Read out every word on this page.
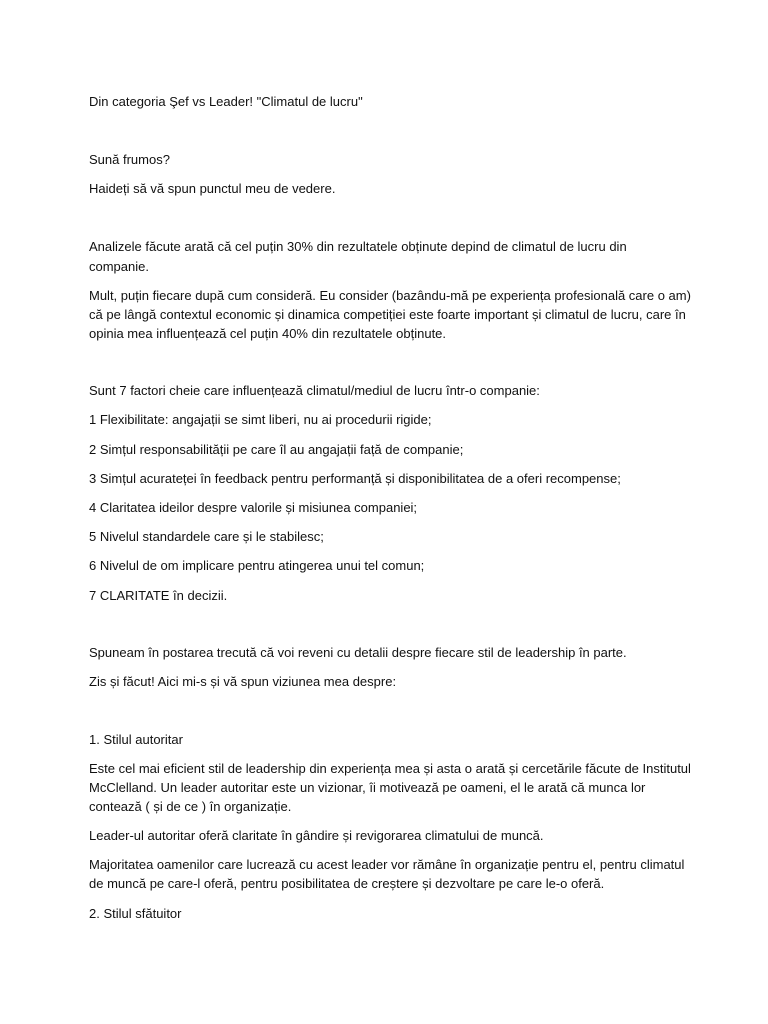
Din categoria Şef vs Leader! "Climatul de lucru"

Sună frumos?

Haideți să vă spun punctul meu de vedere.

Analizele făcute arată că cel puțin 30% din rezultatele obținute depind de climatul de lucru din

companie.

Mult, puțin fiecare după cum consideră. Eu consider (bazându-mă pe experiența profesională care o am)

că pe lângă contextul economic și dinamica competiției este foarte important și climatul de lucru, care în

opinia mea influențează cel puțin 40% din rezultatele obținute.

Sunt 7 factori cheie care influențează climatul/mediul de lucru într-o companie:

1 Flexibilitate: angajații se simt liberi, nu ai procedurii rigide;

2 Simțul responsabilității pe care îl au angajații față de companie;

3 Simțul acurateței în feedback pentru performanță și disponibilitatea de a oferi recompense;

4 Claritatea ideilor despre valorile și misiunea companiei;

5 Nivelul standardele care și le stabilesc;

6 Nivelul de om implicare pentru atingerea unui tel comun;

7 CLARITATE în decizii.

Spuneam în postarea trecută că voi reveni cu detalii despre fiecare stil de leadership în parte.

Zis și făcut! Aici mi-s și vă spun viziunea mea despre:

1. Stilul autoritar

Este cel mai eficient stil de leadership din experiența mea și asta o arată și cercetările făcute de Institutul

McClelland. Un leader autoritar este un vizionar, îi motivează pe oameni, el le arată că munca lor

contează ( și de ce ) în organizație.

Leader-ul autoritar oferă claritate în gândire și revigorarea climatului de muncă.

Majoritatea oamenilor care lucrează cu acest leader vor rămâne în organizație pentru el, pentru climatul

de muncă pe care-l oferă, pentru posibilitatea de creștere și dezvoltare pe care le-o oferă.

2. Stilul sfătuitor
